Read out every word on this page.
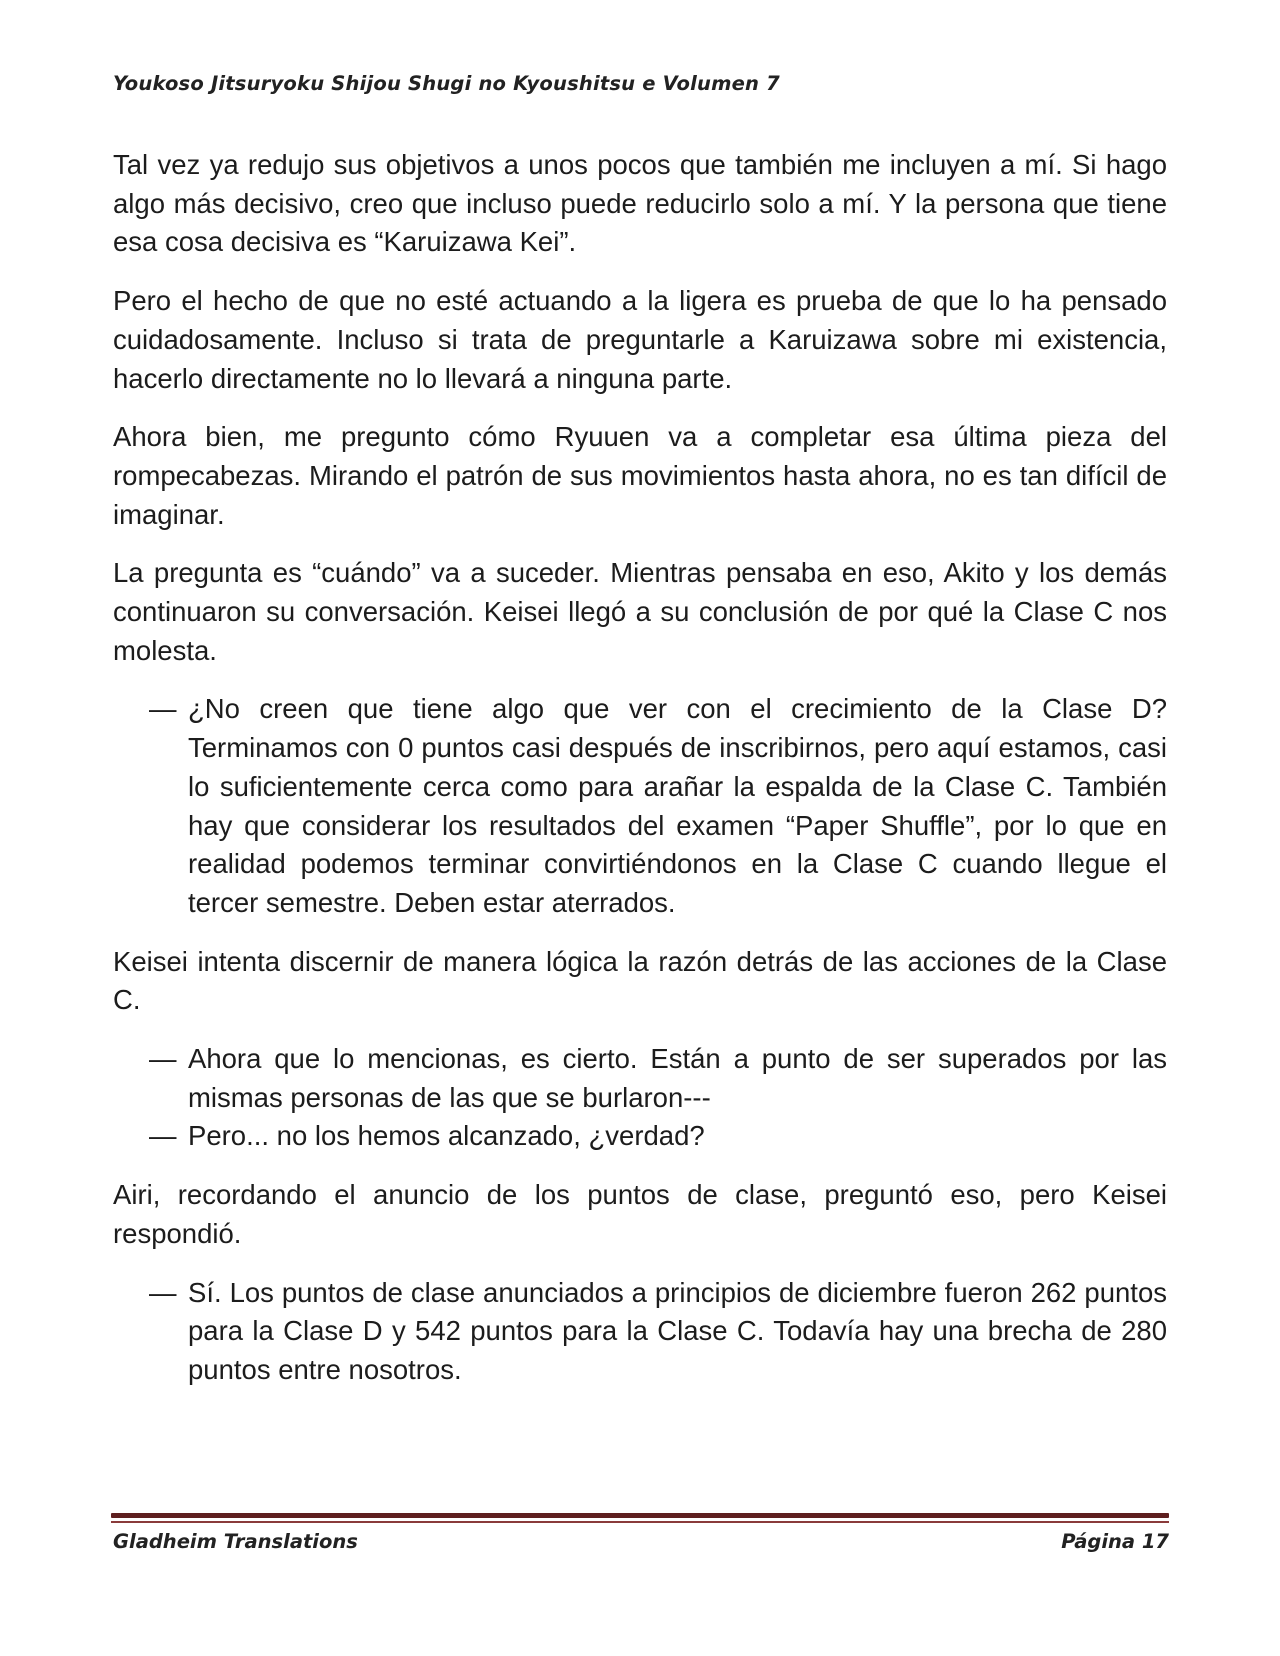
Youkoso Jitsuryoku Shijou Shugi no Kyoushitsu e Volumen 7

Tal vez ya redujo sus objetivos a unos pocos que también me incluyen a mí. Si hago algo más decisivo, creo que incluso puede reducirlo solo a mí. Y la persona que tiene esa cosa decisiva es “Karuizawa Kei”.

Pero el hecho de que no esté actuando a la ligera es prueba de que lo ha pensado cuidadosamente. Incluso si trata de preguntarle a Karuizawa sobre mi existencia, hacerlo directamente no lo llevará a ninguna parte.

Ahora bien, me pregunto cómo Ryuuen va a completar esa última pieza del rompecabezas. Mirando el patrón de sus movimientos hasta ahora, no es tan difícil de imaginar.

La pregunta es “cuándo” va a suceder. Mientras pensaba en eso, Akito y los demás continuaron su conversación. Keisei llegó a su conclusión de por qué la Clase C nos molesta.

— ¿No creen que tiene algo que ver con el crecimiento de la Clase D? Terminamos con 0 puntos casi después de inscribirnos, pero aquí estamos, casi lo suficientemente cerca como para arañar la espalda de la Clase C. También hay que considerar los resultados del examen “Paper Shuffle”, por lo que en realidad podemos terminar convirtiéndonos en la Clase C cuando llegue el tercer semestre. Deben estar aterrados.

Keisei intenta discernir de manera lógica la razón detrás de las acciones de la Clase C.

— Ahora que lo mencionas, es cierto. Están a punto de ser superados por las mismas personas de las que se burlaron---
— Pero... no los hemos alcanzado, ¿verdad?

Airi, recordando el anuncio de los puntos de clase, preguntó eso, pero Keisei respondió.

— Sí. Los puntos de clase anunciados a principios de diciembre fueron 262 puntos para la Clase D y 542 puntos para la Clase C. Todavía hay una brecha de 280 puntos entre nosotros.
Gladheim Translations	Página 17
